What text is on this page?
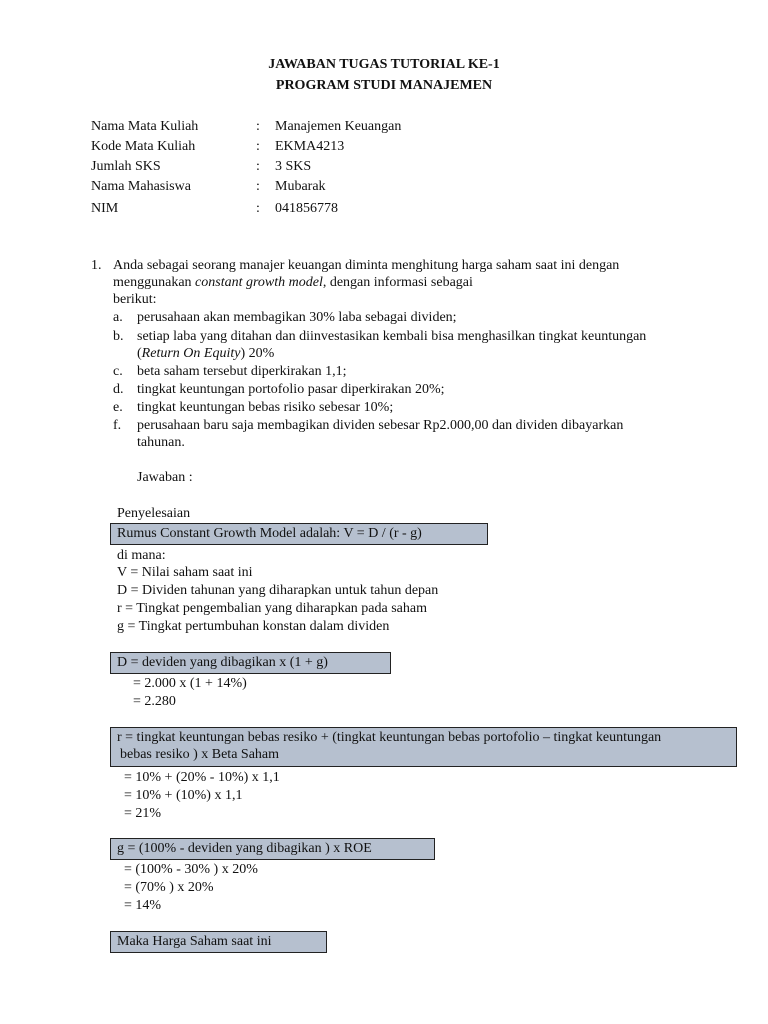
JAWABAN TUGAS TUTORIAL KE-1
PROGRAM STUDI MANAJEMEN
Nama Mata Kuliah	: Manajemen Keuangan
Kode Mata Kuliah	: EKMA4213
Jumlah SKS	: 3 SKS
Nama Mahasiswa	: Mubarak
NIM	: 041856778
1. Anda sebagai seorang manajer keuangan diminta menghitung harga saham saat ini dengan
menggunakan constant growth model, dengan informasi sebagai
berikut:
a. perusahaan akan membagikan 30% laba sebagai dividen;
b. setiap laba yang ditahan dan diinvestasikan kembali bisa menghasilkan tingkat keuntungan
(Return On Equity) 20%
c. beta saham tersebut diperkirakan 1,1;
d. tingkat keuntungan portofolio pasar diperkirakan 20%;
e. tingkat keuntungan bebas risiko sebesar 10%;
f. perusahaan baru saja membagikan dividen sebesar Rp2.000,00 dan dividen dibayarkan
tahunan.
Jawaban :
Penyelesaian
Rumus Constant Growth Model adalah: V = D / (r - g)
di mana:
V = Nilai saham saat ini
D = Dividen tahunan yang diharapkan untuk tahun depan
r = Tingkat pengembalian yang diharapkan pada saham
g = Tingkat pertumbuhan konstan dalam dividen
D = deviden yang dibagikan x (1 + g)
= 2.000 x (1 + 14%)
= 2.280
r = tingkat keuntungan bebas resiko + (tingkat keuntungan bebas portofolio – tingkat keuntungan
bebas resiko ) x Beta Saham
= 10% + (20% - 10%) x 1,1
= 10% + (10%) x 1,1
= 21%
g = (100% - deviden yang dibagikan ) x ROE
= (100% - 30% ) x 20%
= (70% ) x 20%
= 14%
Maka Harga Saham saat ini
